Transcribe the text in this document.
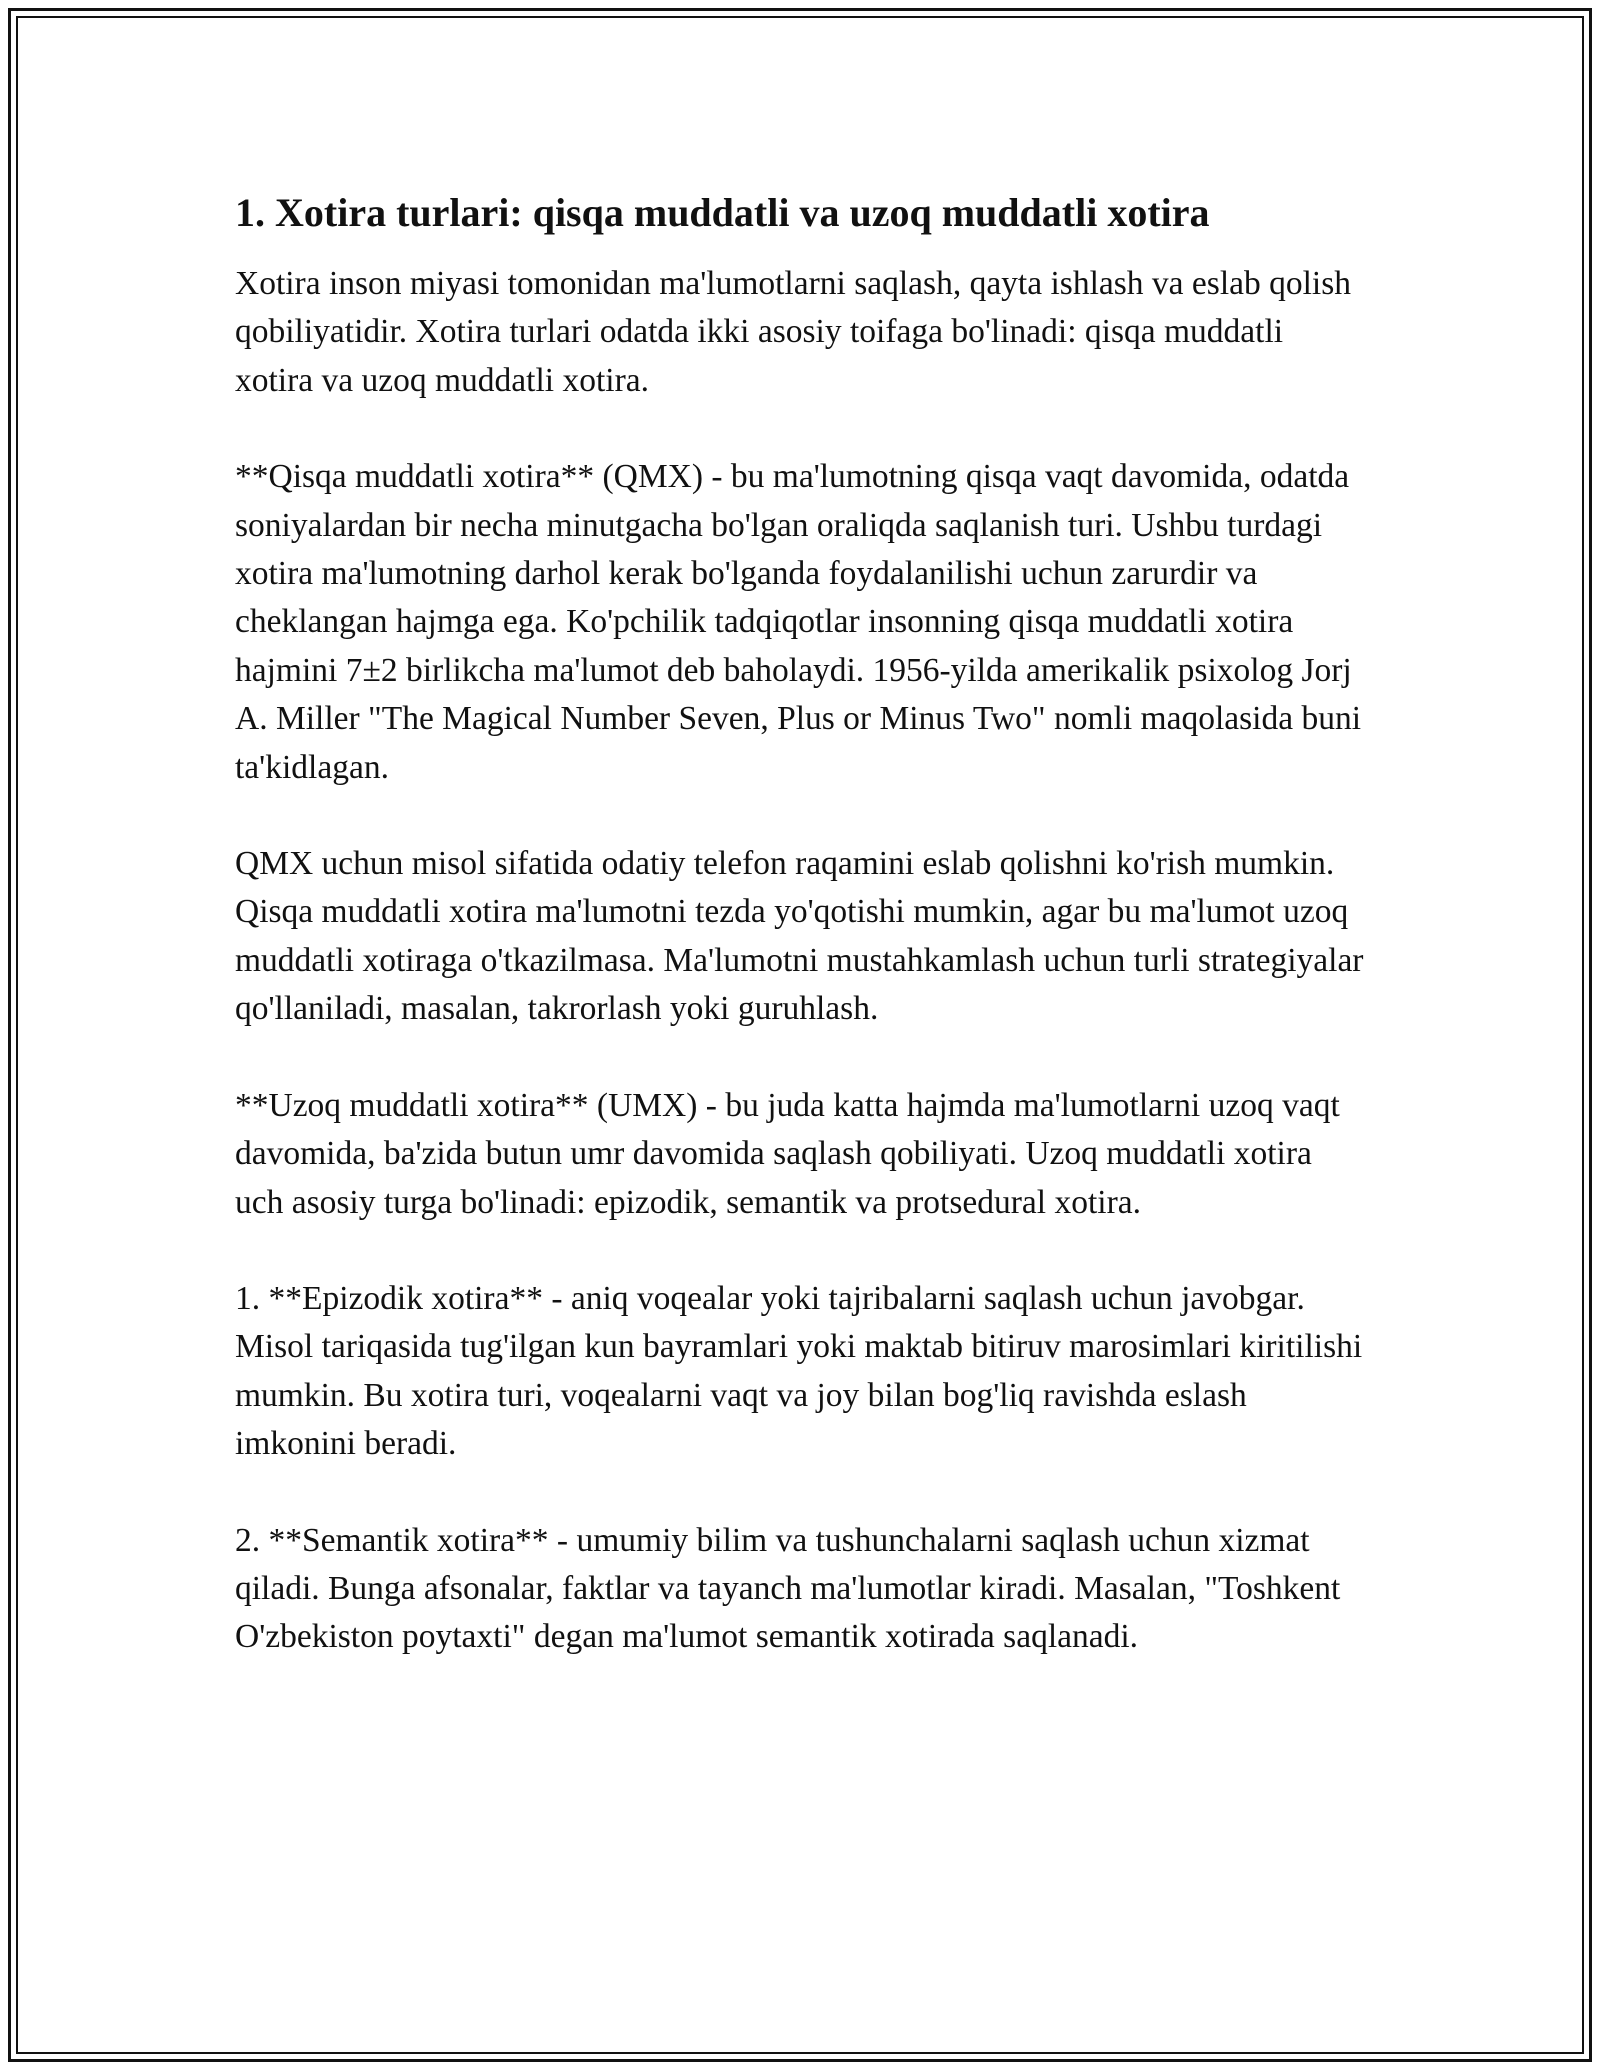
1. Xotira turlari: qisqa muddatli va uzoq muddatli xotira

Xotira inson miyasi tomonidan ma'lumotlarni saqlash, qayta ishlash va eslab qolish qobiliyatidir. Xotira turlari odatda ikki asosiy toifaga bo'linadi: qisqa muddatli xotira va uzoq muddatli xotira.

**Qisqa muddatli xotira** (QMX) - bu ma'lumotning qisqa vaqt davomida, odatda soniyalardan bir necha minutgacha bo'lgan oraliqda saqlanish turi. Ushbu turdagi xotira ma'lumotning darhol kerak bo'lganda foydalanilishi uchun zarurdir va cheklangan hajmga ega. Ko'pchilik tadqiqotlar insonning qisqa muddatli xotira hajmini 7±2 birlikcha ma'lumot deb baholaydi. 1956-yilda amerikalik psixolog Jorj A. Miller "The Magical Number Seven, Plus or Minus Two" nomli maqolasida buni ta'kidlagan.

QMX uchun misol sifatida odatiy telefon raqamini eslab qolishni ko'rish mumkin. Qisqa muddatli xotira ma'lumotni tezda yo'qotishi mumkin, agar bu ma'lumot uzoq muddatli xotiraga o'tkazilmasa. Ma'lumotni mustahkamlash uchun turli strategiyalar qo'llaniladi, masalan, takrorlash yoki guruhlash.

**Uzoq muddatli xotira** (UMX) - bu juda katta hajmda ma'lumotlarni uzoq vaqt davomida, ba'zida butun umr davomida saqlash qobiliyati. Uzoq muddatli xotira uch asosiy turga bo'linadi: epizodik, semantik va protsedural xotira.

1. **Epizodik xotira** - aniq voqealar yoki tajribalarni saqlash uchun javobgar. Misol tariqasida tug'ilgan kun bayramlari yoki maktab bitiruv marosimlari kiritilishi mumkin. Bu xotira turi, voqealarni vaqt va joy bilan bog'liq ravishda eslash imkonini beradi.

2. **Semantik xotira** - umumiy bilim va tushunchalarni saqlash uchun xizmat qiladi. Bunga afsonalar, faktlar va tayanch ma'lumotlar kiradi. Masalan, "Toshkent O'zbekiston poytaxti" degan ma'lumot semantik xotirada saqlanadi.
